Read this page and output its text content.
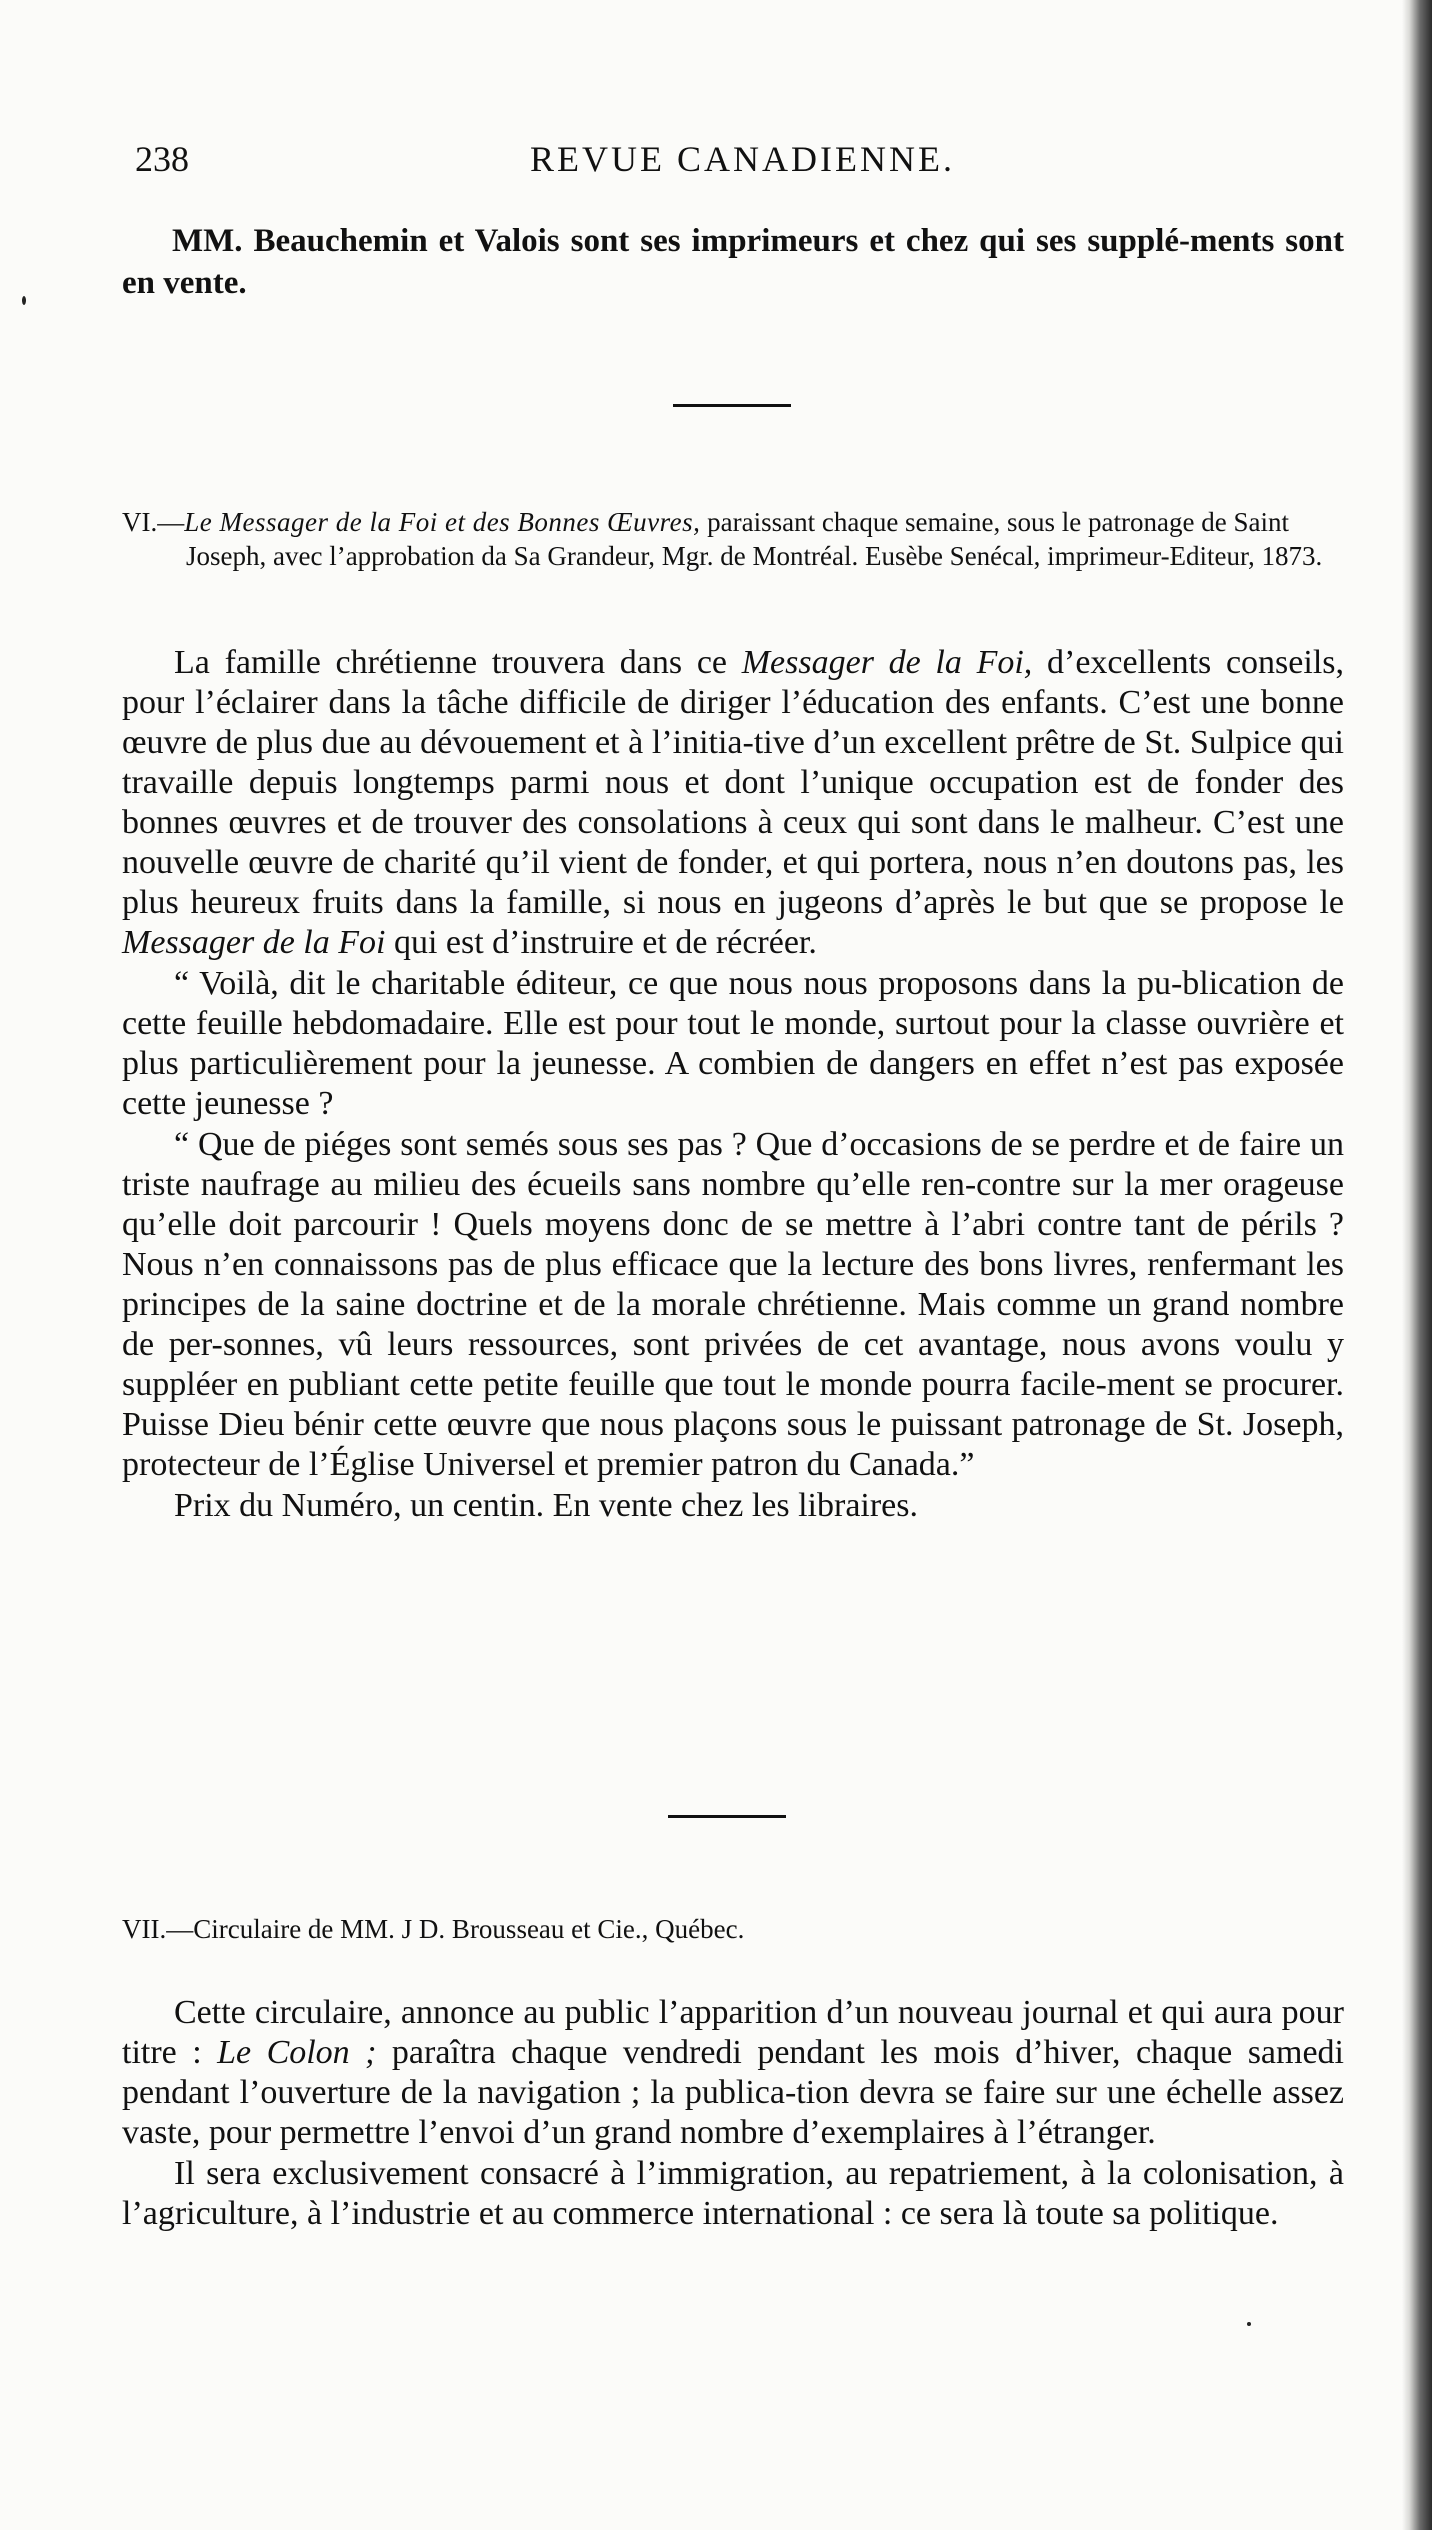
238	REVUE CANADIENNE.

MM. Beauchemin et Valois sont ses imprimeurs et chez qui ses supplé-ments sont en vente.

VI.—Le Messager de la Foi et des Bonnes Œuvres, paraissant chaque semaine, sous le patronage de Saint Joseph, avec l’approbation da Sa Grandeur, Mgr. de Montréal. Eusèbe Senécal, imprimeur-Editeur, 1873.

La famille chrétienne trouvera dans ce Messager de la Foi, d’excellents conseils, pour l’éclairer dans la tâche difficile de diriger l’éducation des enfants. C’est une bonne œuvre de plus due au dévouement et à l’initia-tive d’un excellent prêtre de St. Sulpice qui travaille depuis longtemps parmi nous et dont l’unique occupation est de fonder des bonnes œuvres et de trouver des consolations à ceux qui sont dans le malheur. C’est une nouvelle œuvre de charité qu’il vient de fonder, et qui portera, nous n’en doutons pas, les plus heureux fruits dans la famille, si nous en jugeons d’après le but que se propose le Messager de la Foi qui est d’instruire et de récréer.

“ Voilà, dit le charitable éditeur, ce que nous nous proposons dans la pu-blication de cette feuille hebdomadaire. Elle est pour tout le monde, surtout pour la classe ouvrière et plus particulièrement pour la jeunesse. A combien de dangers en effet n’est pas exposée cette jeunesse ?

“ Que de piéges sont semés sous ses pas ? Que d’occasions de se perdre et de faire un triste naufrage au milieu des écueils sans nombre qu’elle ren-contre sur la mer orageuse qu’elle doit parcourir ! Quels moyens donc de se mettre à l’abri contre tant de périls ? Nous n’en connaissons pas de plus efficace que la lecture des bons livres, renfermant les principes de la saine doctrine et de la morale chrétienne. Mais comme un grand nombre de per-sonnes, vû leurs ressources, sont privées de cet avantage, nous avons voulu y suppléer en publiant cette petite feuille que tout le monde pourra facile-ment se procurer. Puisse Dieu bénir cette œuvre que nous plaçons sous le puissant patronage de St. Joseph, protecteur de l’Église Universel et premier patron du Canada.”

Prix du Numéro, un centin. En vente chez les libraires.

VII.—Circulaire de MM. J D. Brousseau et Cie., Québec.

Cette circulaire, annonce au public l’apparition d’un nouveau journal et qui aura pour titre : Le Colon ; paraîtra chaque vendredi pendant les mois d’hiver, chaque samedi pendant l’ouverture de la navigation ; la publica-tion devra se faire sur une échelle assez vaste, pour permettre l’envoi d’un grand nombre d’exemplaires à l’étranger.

Il sera exclusivement consacré à l’immigration, au repatriement, à la colonisation, à l’agriculture, à l’industrie et au commerce international : ce sera là toute sa politique.
